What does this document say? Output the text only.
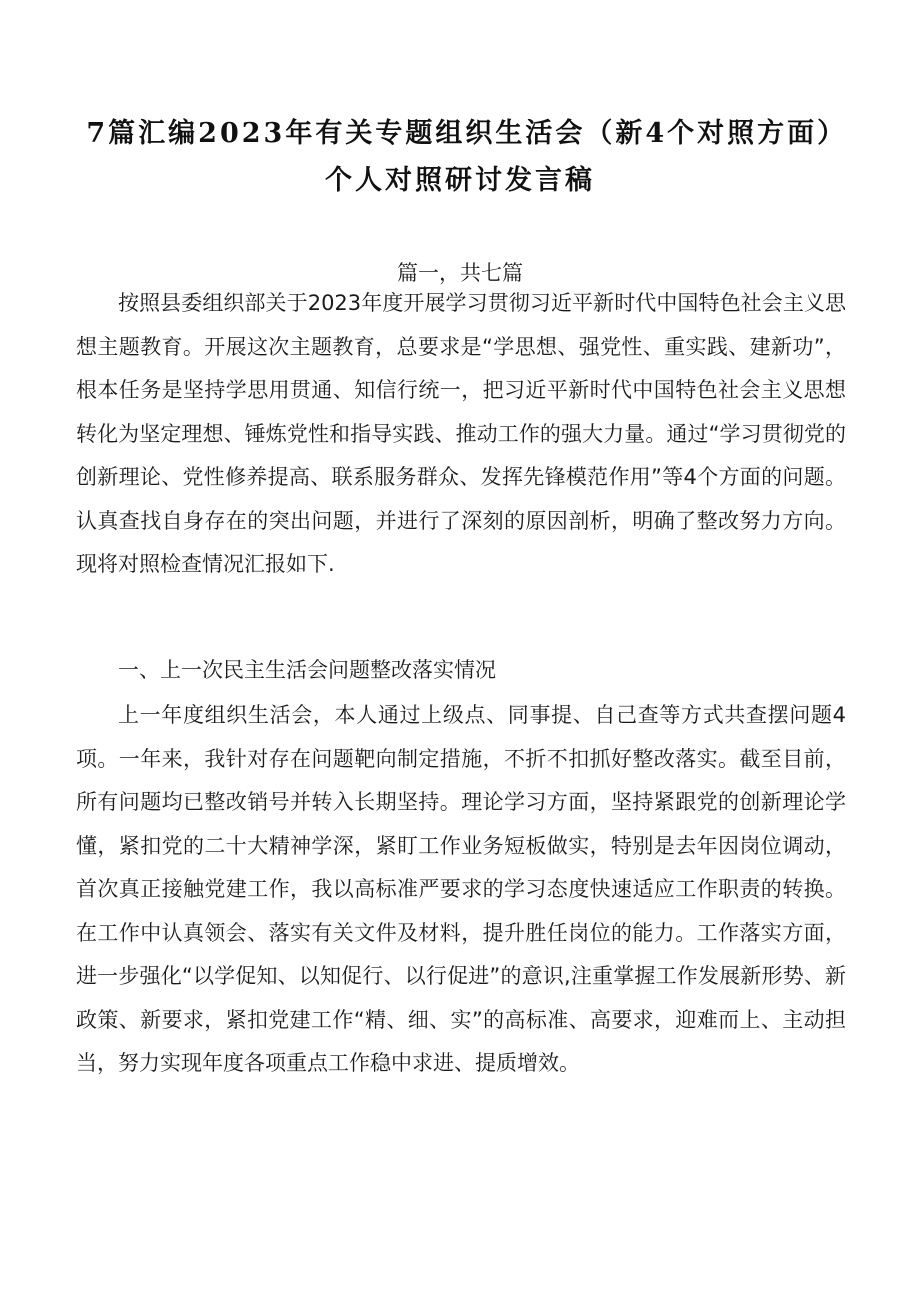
7篇汇编2023年有关专题组织生活会（新4个对照方面）个人对照研讨发言稿
篇一，共七篇

按照县委组织部关于2023年度开展学习贯彻习近平新时代中国特色社会主义思想主题教育。开展这次主题教育，总要求是“学思想、强党性、重实践、建新功”，根本任务是坚持学思用贯通、知信行统一，把习近平新时代中国特色社会主义思想转化为坚定理想、锤炼党性和指导实践、推动工作的强大力量。通过“学习贯彻党的创新理论、党性修养提高、联系服务群众、发挥先锋模范作用”等4个方面的问题。认真查找自身存在的突出问题，并进行了深刻的原因剖析，明确了整改努力方向。现将对照检查情况汇报如下.

一、上一次民主生活会问题整改落实情况

上一年度组织生活会，本人通过上级点、同事提、自己查等方式共查摆问题4项。一年来，我针对存在问题靶向制定措施，不折不扣抓好整改落实。截至目前，所有问题均已整改销号并转入长期坚持。理论学习方面，坚持紧跟党的创新理论学懂，紧扣党的二十大精神学深，紧盯工作业务短板做实，特别是去年因岗位调动，首次真正接触党建工作，我以高标准严要求的学习态度快速适应工作职责的转换。在工作中认真领会、落实有关文件及材料，提升胜任岗位的能力。工作落实方面，进一步强化“以学促知、以知促行、以行促进”的意识,注重掌握工作发展新形势、新政策、新要求，紧扣党建工作“精、细、实”的高标准、高要求，迎难而上、主动担当，努力实现年度各项重点工作稳中求进、提质增效。
